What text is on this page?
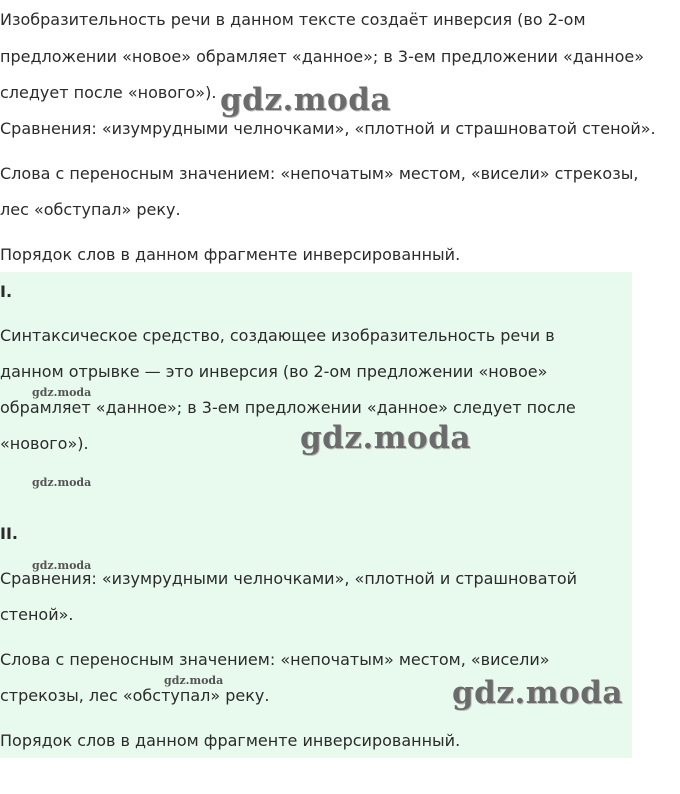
Изобразительность речи в данном тексте создаёт инверсия (во 2-ом
предложении «новое» обрамляет «данное»; в 3-ем предложении «данное»
следует после «нового»).
Сравнения: «изумрудными челночками», «плотной и страшноватой стеной».
Слова с переносным значением: «непочатым» местом, «висели» стрекозы,
лес «обступал» реку.
Порядок слов в данном фрагменте инверсированный.
I.
Синтаксическое средство, создающее изобразительность речи в
данном отрывке — это инверсия (во 2-ом предложении «новое»
обрамляет «данное»; в 3-ем предложении «данное» следует после
«нового»).
II.
Сравнения: «изумрудными челночками», «плотной и страшноватой
стеной».
Слова с переносным значением: «непочатым» местом, «висели»
стрекозы, лес «обступал» реку.
Порядок слов в данном фрагменте инверсированный.
gdz.moda
gdz.moda
gdz.moda
gdz.moda
gdz.moda
gdz.moda
gdz.moda
